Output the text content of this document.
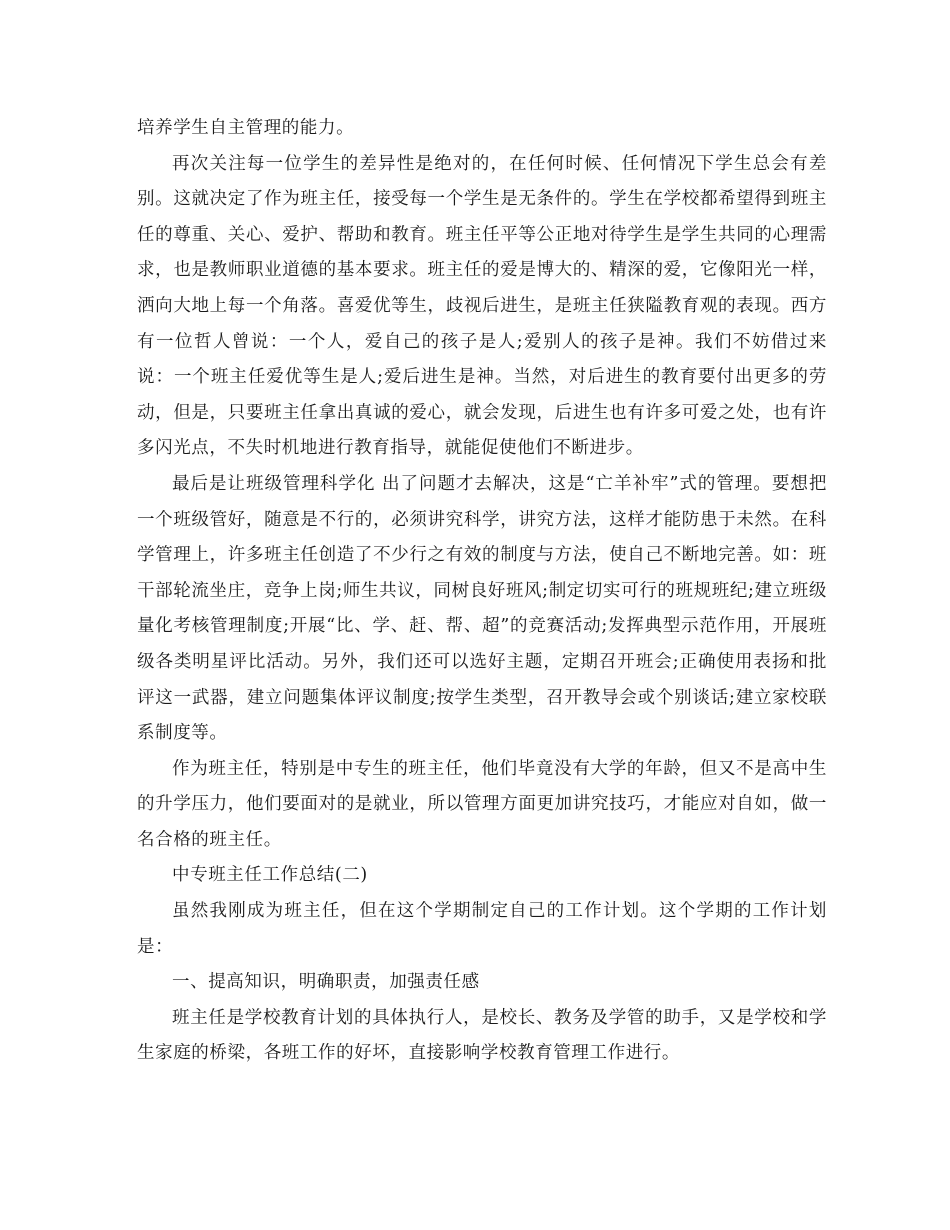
培养学生自主管理的能力。

再次关注每一位学生的差异性是绝对的，在任何时候、任何情况下学生总会有差别。这就决定了作为班主任，接受每一个学生是无条件的。学生在学校都希望得到班主任的尊重、关心、爱护、帮助和教育。班主任平等公正地对待学生是学生共同的心理需求，也是教师职业道德的基本要求。班主任的爱是博大的、精深的爱，它像阳光一样，洒向大地上每一个角落。喜爱优等生，歧视后进生，是班主任狭隘教育观的表现。西方有一位哲人曾说：一个人，爱自己的孩子是人;爱别人的孩子是神。我们不妨借过来说：一个班主任爱优等生是人;爱后进生是神。当然，对后进生的教育要付出更多的劳动，但是，只要班主任拿出真诚的爱心，就会发现，后进生也有许多可爱之处，也有许多闪光点，不失时机地进行教育指导，就能促使他们不断进步。

最后是让班级管理科学化 出了问题才去解决，这是“亡羊补牢”式的管理。要想把一个班级管好，随意是不行的，必须讲究科学，讲究方法，这样才能防患于未然。在科学管理上，许多班主任创造了不少行之有效的制度与方法，使自己不断地完善。如：班干部轮流坐庄，竞争上岗;师生共议，同树良好班风;制定切实可行的班规班纪;建立班级量化考核管理制度;开展“比、学、赶、帮、超”的竞赛活动;发挥典型示范作用，开展班级各类明星评比活动。另外，我们还可以选好主题，定期召开班会;正确使用表扬和批评这一武器，建立问题集体评议制度;按学生类型，召开教导会或个别谈话;建立家校联系制度等。

作为班主任，特别是中专生的班主任，他们毕竟没有大学的年龄，但又不是高中生的升学压力，他们要面对的是就业，所以管理方面更加讲究技巧，才能应对自如，做一名合格的班主任。

中专班主任工作总结(二)

虽然我刚成为班主任，但在这个学期制定自己的工作计划。这个学期的工作计划是：

一、提高知识，明确职责，加强责任感

班主任是学校教育计划的具体执行人，是校长、教务及学管的助手，又是学校和学生家庭的桥梁，各班工作的好坏，直接影响学校教育管理工作进行。
